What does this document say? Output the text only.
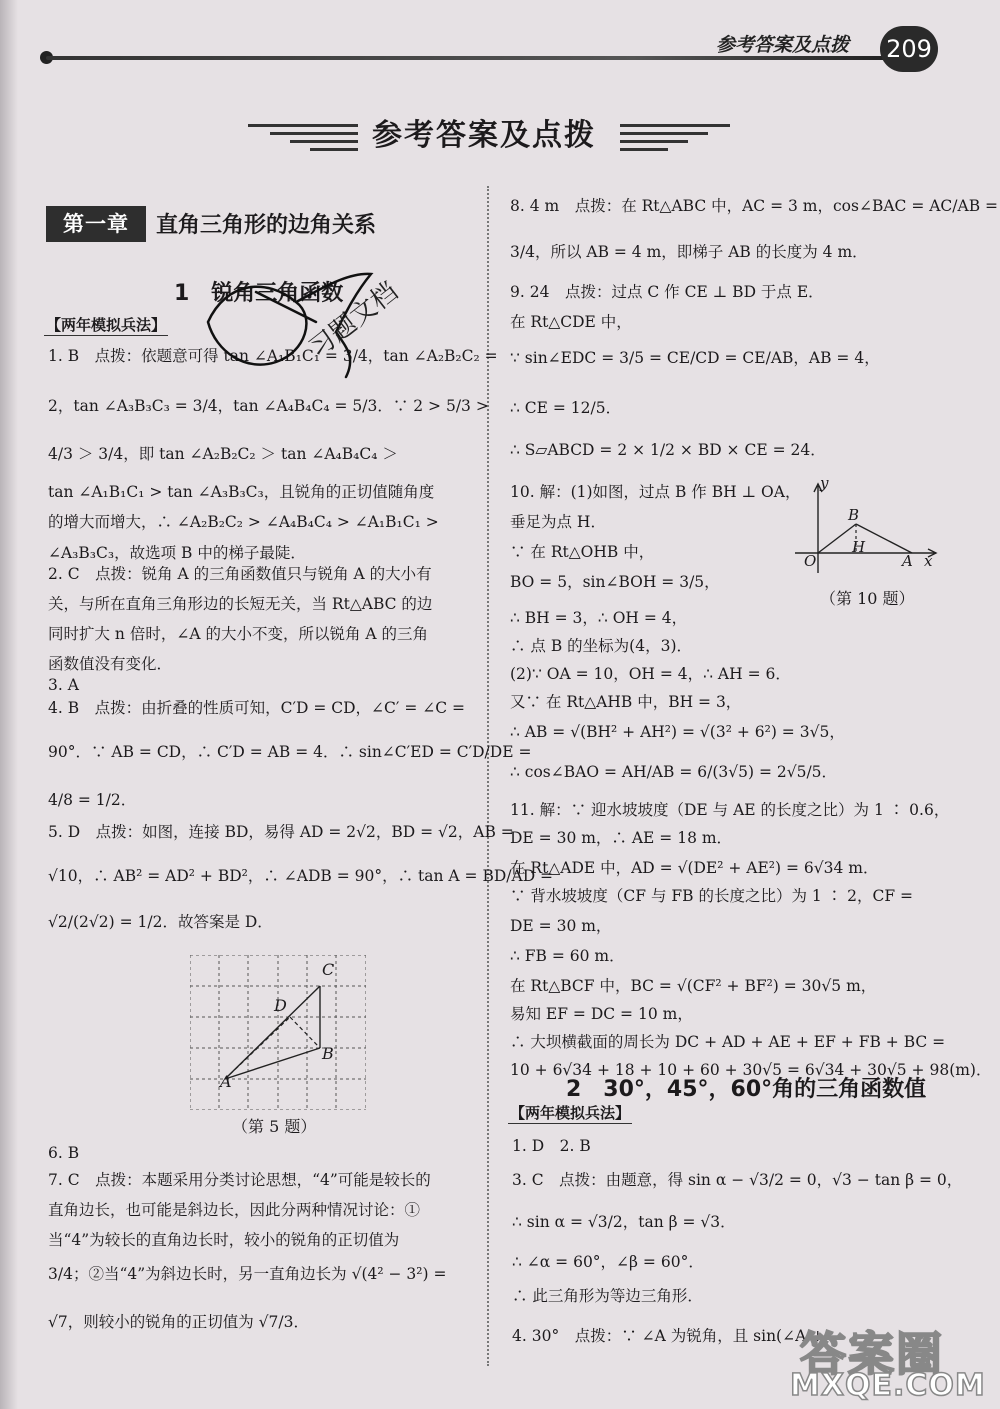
参考答案及点拨 209
参考答案及点拨
第一章	直角三角形的边角关系
1　锐角三角函数
【两年模拟兵法】
1. B　点拨：依题意可得 tan ∠A₁B₁C₁ = 3/4，tan ∠A₂B₂C₂ =
2，tan ∠A₃B₃C₃ = 3/4，tan ∠A₄B₄C₄ = 5/3．∵ 2 > 5/3 >
4/3 ＞ 3/4，即 tan ∠A₂B₂C₂ ＞ tan ∠A₄B₄C₄ ＞
tan ∠A₁B₁C₁ > tan ∠A₃B₃C₃，且锐角的正切值随角度
的增大而增大，∴ ∠A₂B₂C₂ > ∠A₄B₄C₄ > ∠A₁B₁C₁ >
∠A₃B₃C₃，故选项 B 中的梯子最陡．
2. C　点拨：锐角 A 的三角函数值只与锐角 A 的大小有
关，与所在直角三角形边的长短无关，当 Rt△ABC 的边
同时扩大 n 倍时，∠A 的大小不变，所以锐角 A 的三角
函数值没有变化．
3. A
4. B　点拨：由折叠的性质可知，C′D = CD，∠C′ = ∠C =
90°．∵ AB = CD，∴ C′D = AB = 4．∴ sin∠C′ED = C′D/DE =
4/8 = 1/2．
5. D　点拨：如图，连接 BD，易得 AD = 2√2，BD = √2，AB =
√10，∴ AB² = AD² + BD²，∴ ∠ADB = 90°，∴ tan A = BD/AD =
√2/(2√2) = 1/2．故答案是 D．
6. B
7. C　点拨：本题采用分类讨论思想，“4”可能是较长的
直角边长，也可能是斜边长，因此分两种情况讨论：①
当“4”为较长的直角边长时，较小的锐角的正切值为
3/4；②当“4”为斜边长时，另一直角边长为 √(4² − 3²) =
√7，则较小的锐角的正切值为 √7/3．
A
B
C
D
（第 5 题）
8. 4 m　点拨：在 Rt△ABC 中，AC = 3 m，cos∠BAC = AC/AB =
3/4，所以 AB = 4 m，即梯子 AB 的长度为 4 m．
9. 24　点拨：过点 C 作 CE ⊥ BD 于点 E．
在 Rt△CDE 中，
∵ sin∠EDC = 3/5 = CE/CD = CE/AB，AB = 4，
∴ CE = 12/5．
∴ S▱ABCD = 2 × 1/2 × BD × CE = 24．
10. 解：(1)如图，过点 B 作 BH ⊥ OA，
垂足为点 H．
∵ 在 Rt△OHB 中，
BO = 5，sin∠BOH = 3/5，
∴ BH = 3，∴ OH = 4，
∴ 点 B 的坐标为(4，3)．
(2)∵ OA = 10，OH = 4，∴ AH = 6．
又∵ 在 Rt△AHB 中，BH = 3，
∴ AB = √(BH² + AH²) = √(3² + 6²) = 3√5，
∴ cos∠BAO = AH/AB = 6/(3√5) = 2√5/5．
11. 解：∵ 迎水坡坡度（DE 与 AE 的长度之比）为 1 ∶ 0.6，
DE = 30 m，∴ AE = 18 m．
在 Rt△ADE 中，AD = √(DE² + AE²) = 6√34 m．
∵ 背水坡坡度（CF 与 FB 的长度之比）为 1 ∶ 2，CF =
DE = 30 m，
∴ FB = 60 m．
在 Rt△BCF 中，BC = √(CF² + BF²) = 30√5 m，
易知 EF = DC = 10 m，
∴ 大坝横截面的周长为 DC + AD + AE + EF + FB + BC =
10 + 6√34 + 18 + 10 + 60 + 30√5 = 6√34 + 30√5 + 98(m)．
y
B
H
O	A x
（第 10 题）
2　30°，45°，60°角的三角函数值
【两年模拟兵法】
1. D　2. B
3. C　点拨：由题意，得 sin α − √3/2 = 0，√3 − tan β = 0，
∴ sin α = √3/2，tan β = √3．
∴ ∠α = 60°，∠β = 60°．
∴ 此三角形为等边三角形．
4. 30°　点拨：∵ ∠A 为锐角，且 sin(∠A +
习题文档
答案圈
MXQE.COM
